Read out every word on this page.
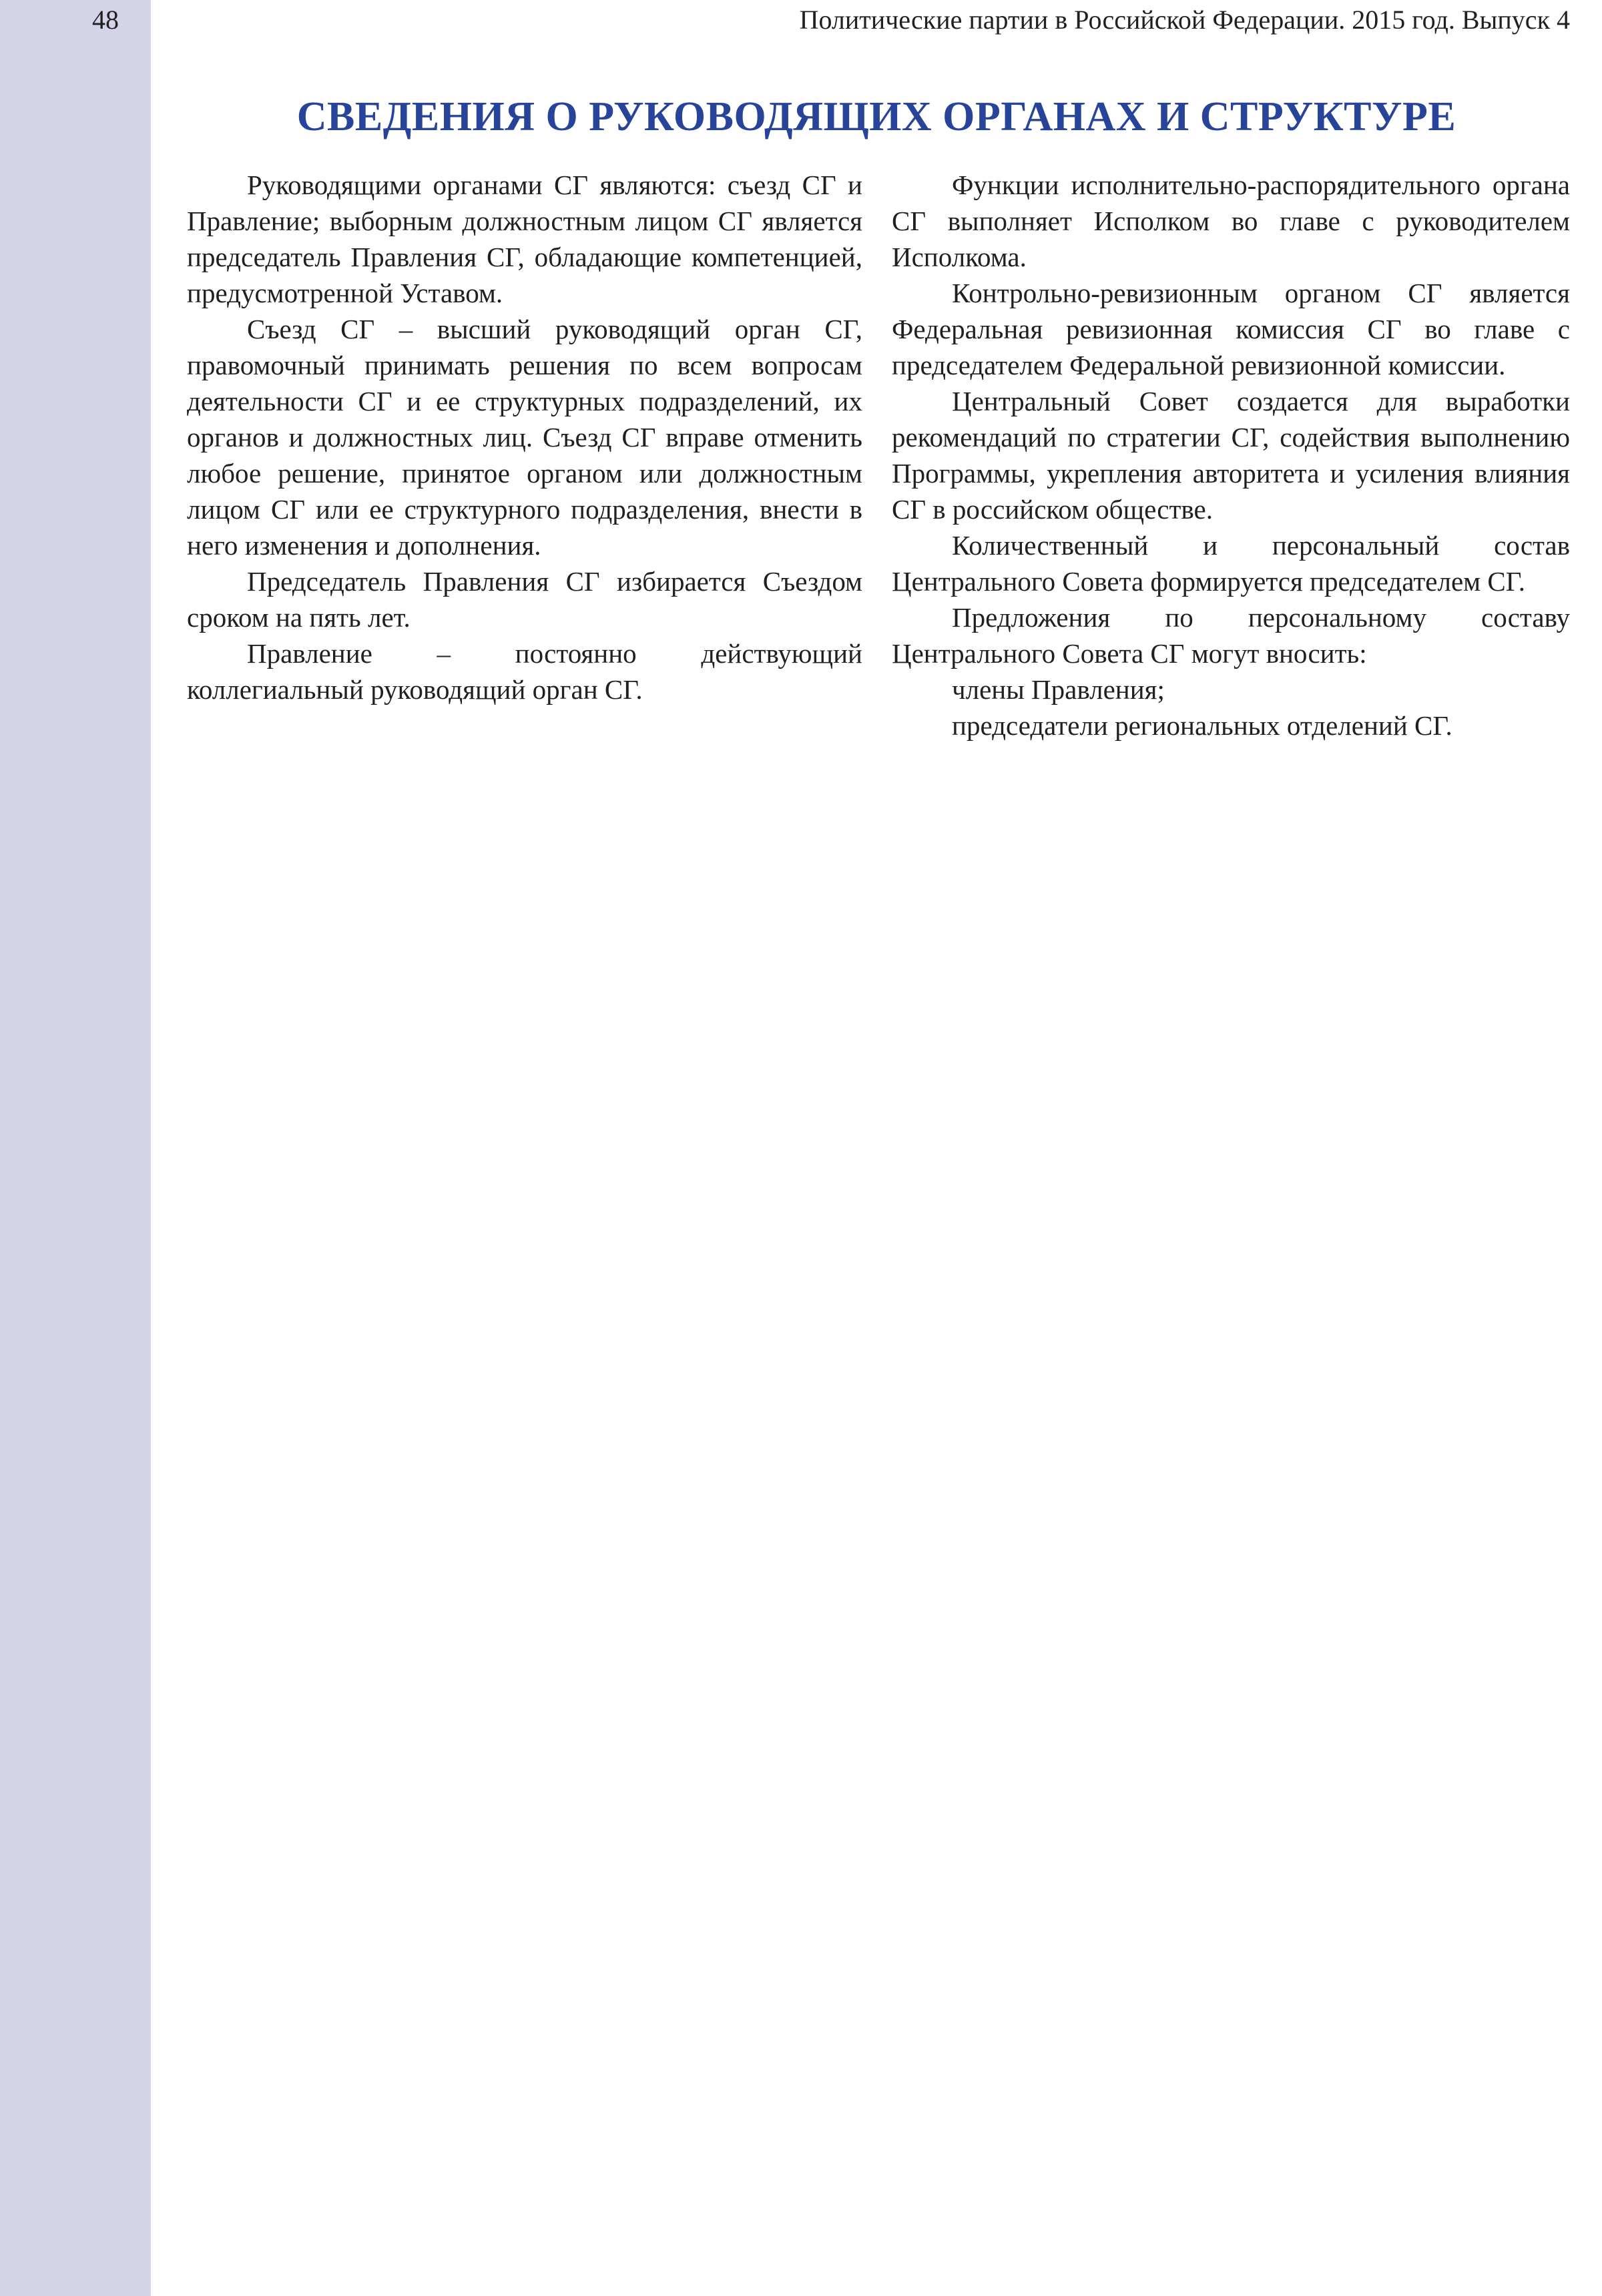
48	Политические партии в Российской Федерации. 2015 год. Выпуск 4
СВЕДЕНИЯ О РУКОВОДЯЩИХ ОРГАНАХ И СТРУКТУРЕ

Руководящими органами СГ являются: съезд СГ и Правление; выборным должностным лицом СГ является председатель Правления СГ, обладающие компетенцией, предусмотренной Уставом.

Съезд СГ – высший руководящий орган СГ, правомочный принимать решения по всем вопросам деятельности СГ и ее структурных подразделений, их органов и должностных лиц. Съезд СГ вправе отменить любое решение, принятое органом или должностным лицом СГ или ее структурного подразделения, внести в него изменения и дополнения.

Председатель Правления СГ избирается Съездом сроком на пять лет.

Правление – постоянно действующий коллегиальный руководящий орган СГ.

Функции исполнительно-распорядительного органа СГ выполняет Исполком во главе с руководителем Исполкома.

Контрольно-ревизионным органом СГ является Федеральная ревизионная комиссия СГ во главе с председателем Федеральной ревизионной комиссии.

Центральный Совет создается для выработки рекомендаций по стратегии СГ, содействия выполнению Программы, укрепления авторитета и усиления влияния СГ в российском обществе.

Количественный и персональный состав Центрального Совета формируется председателем СГ.

Предложения по персональному составу Центрального Совета СГ могут вносить:

члены Правления;

председатели региональных отделений СГ.
